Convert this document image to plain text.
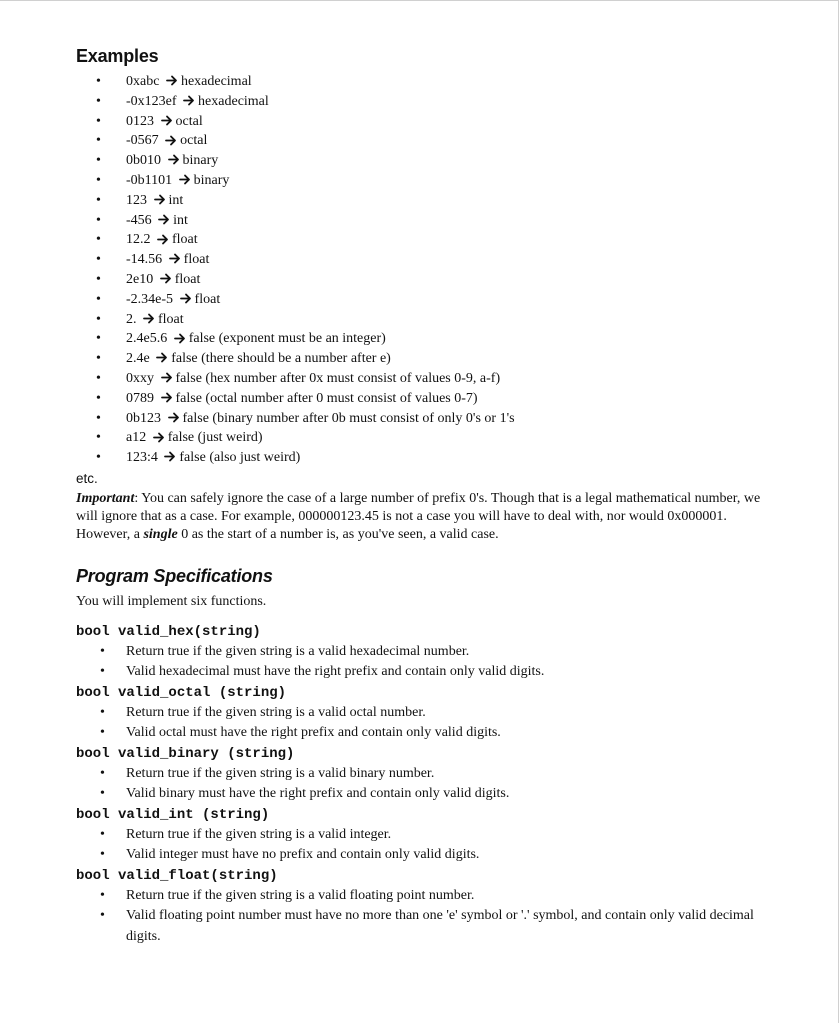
Examples
• 0xabc hexadecimal
• -0x123ef hexadecimal
• 0123 octal
• -0567 octal
• 0b010 binary
• -0b1101 binary
• 123 int
• -456 int
• 12.2 float
• -14.56 float
• 2e10 float
• -2.34e-5 float
• 2. float
• 2.4e5.6 false (exponent must be an integer)
• 2.4e false (there should be a number after e)
• 0xxy false (hex number after 0x must consist of values 0-9, a-f)
• 0789 false (octal number after 0 must consist of values 0-7)
• 0b123 false (binary number after 0b must consist of only 0's or 1's
• a12 false (just weird)
• 123:4 false (also just weird)
etc.

Important: You can safely ignore the case of a large number of prefix 0's. Though that is a legal mathematical number, we will ignore that as a case. For example, 000000123.45 is not a case you will have to deal with, nor would 0x000001. However, a single 0 as the start of a number is, as you've seen, a valid case.

Program Specifications
You will implement six functions.
bool valid_hex(string)
• Return true if the given string is a valid hexadecimal number.
• Valid hexadecimal must have the right prefix and contain only valid digits.
bool valid_octal (string)
• Return true if the given string is a valid octal number.
• Valid octal must have the right prefix and contain only valid digits.
bool valid_binary (string)
• Return true if the given string is a valid binary number.
• Valid binary must have the right prefix and contain only valid digits.
bool valid_int (string)
• Return true if the given string is a valid integer.
• Valid integer must have no prefix and contain only valid digits.
bool valid_float(string)
• Return true if the given string is a valid floating point number.
• Valid floating point number must have no more than one 'e' symbol or '.' symbol, and contain only valid decimal digits.
